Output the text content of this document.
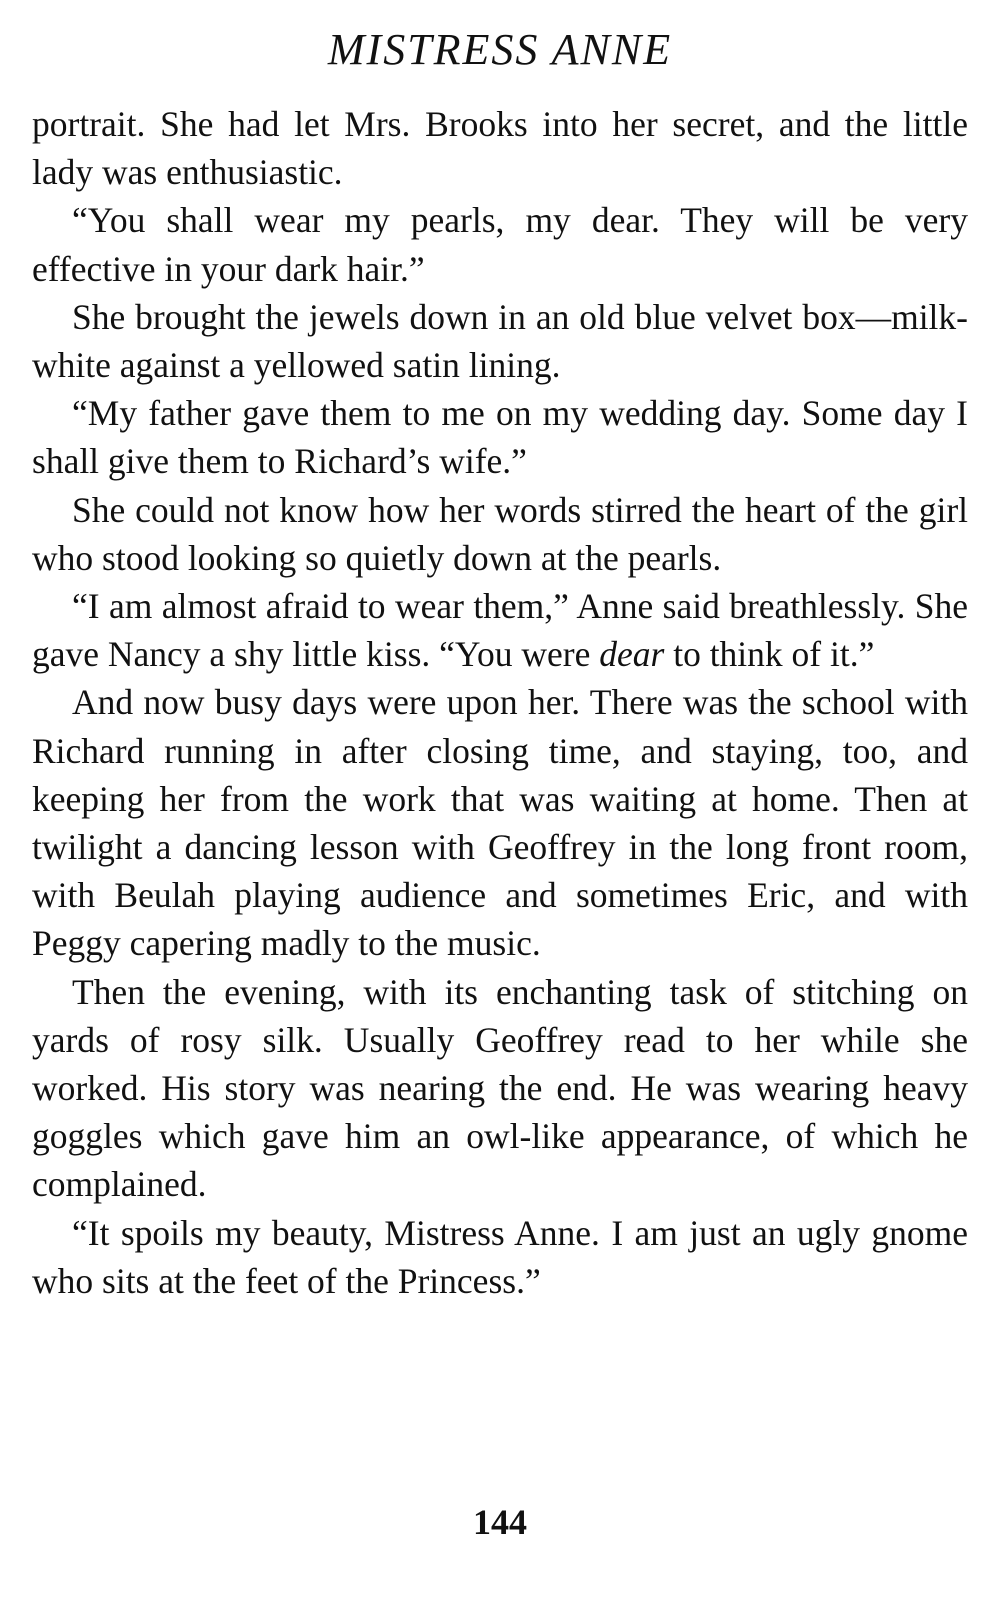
MISTRESS ANNE

portrait. She had let Mrs. Brooks into her secret, and the little lady was enthusiastic.

“You shall wear my pearls, my dear. They will be very effective in your dark hair.”

She brought the jewels down in an old blue velvet box—milk-white against a yellowed satin lining.

“My father gave them to me on my wedding day. Some day I shall give them to Richard’s wife.”

She could not know how her words stirred the heart of the girl who stood looking so quietly down at the pearls.

“I am almost afraid to wear them,” Anne said breathlessly. She gave Nancy a shy little kiss. “You were dear to think of it.”

And now busy days were upon her. There was the school with Richard running in after closing time, and staying, too, and keeping her from the work that was waiting at home. Then at twilight a dancing lesson with Geoffrey in the long front room, with Beulah playing audience and sometimes Eric, and with Peggy capering madly to the music.

Then the evening, with its enchanting task of stitching on yards of rosy silk. Usually Geoffrey read to her while she worked. His story was nearing the end. He was wearing heavy goggles which gave him an owl-like appearance, of which he complained.

“It spoils my beauty, Mistress Anne. I am just an ugly gnome who sits at the feet of the Princess.”

144
